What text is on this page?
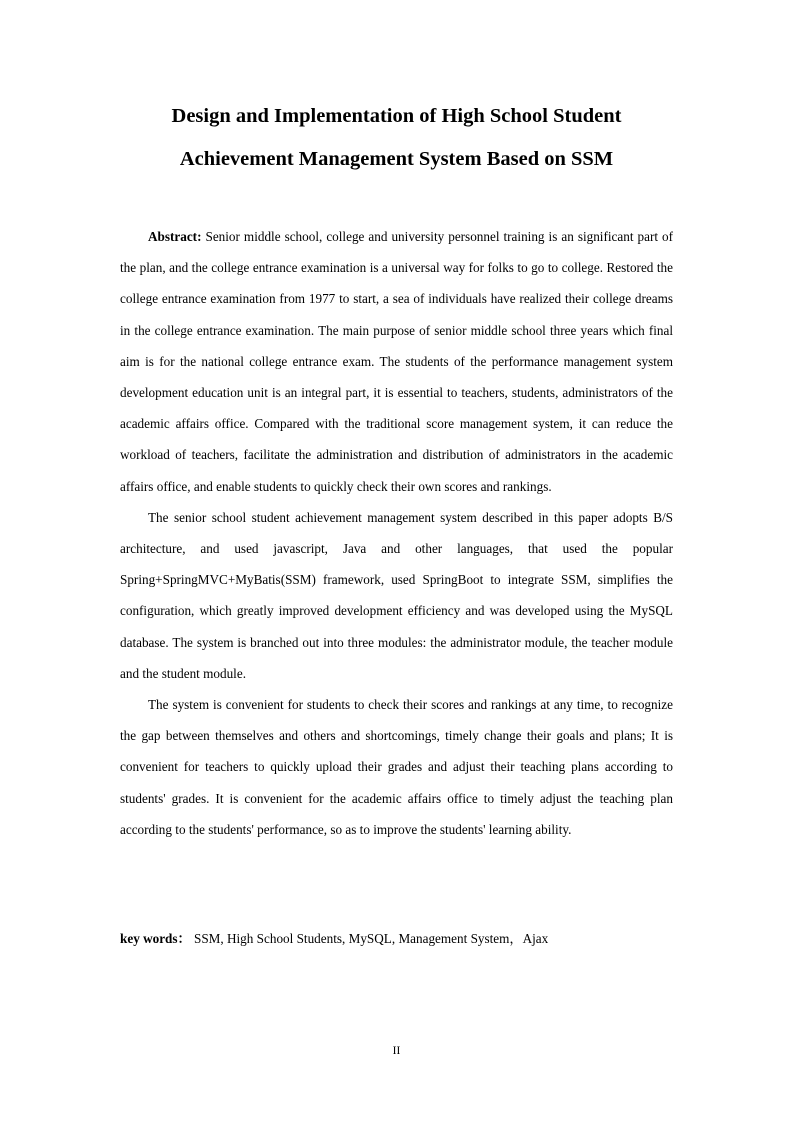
Design and Implementation of High School Student
Achievement Management System Based on SSM

Abstract: Senior middle school, college and university personnel training is an significant part of the plan, and the college entrance examination is a universal way for folks to go to college. Restored the college entrance examination from 1977 to start, a sea of individuals have realized their college dreams in the college entrance examination. The main purpose of senior middle school three years which final aim is for the national college entrance exam. The students of the performance management system development education unit is an integral part, it is essential to teachers, students, administrators of the academic affairs office. Compared with the traditional score management system, it can reduce the workload of teachers, facilitate the administration and distribution of administrators in the academic affairs office, and enable students to quickly check their own scores and rankings.

The senior school student achievement management system described in this paper adopts B/S architecture, and used javascript, Java and other languages, that used the popular Spring+SpringMVC+MyBatis(SSM) framework, used SpringBoot to integrate SSM, simplifies the configuration, which greatly improved development efficiency and was developed using the MySQL database. The system is branched out into three modules: the administrator module, the teacher module and the student module.

The system is convenient for students to check their scores and rankings at any time, to recognize the gap between themselves and others and shortcomings, timely change their goals and plans; It is convenient for teachers to quickly upload their grades and adjust their teaching plans according to students' grades. It is convenient for the academic affairs office to timely adjust the teaching plan according to the students' performance, so as to improve the students' learning ability.

key words： SSM, High School Students, MySQL, Management System，Ajax
II
